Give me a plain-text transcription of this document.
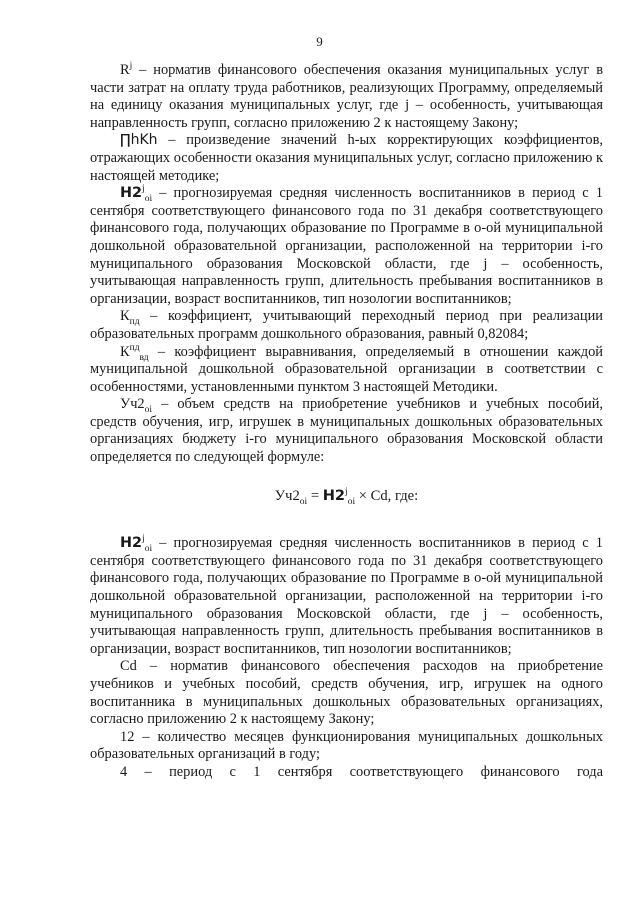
9

$R^j$ – норматив финансового обеспечения оказания муниципальных услуг в части затрат на оплату труда работников, реализующих Программу, определяемый на единицу оказания муниципальных услуг, где j – особенность, учитывающая направленность групп, согласно приложению 2 к настоящему Закону;

∏hKh – произведение значений h-ых корректирующих коэффициентов, отражающих особенности оказания муниципальных услуг, согласно приложению к настоящей методике;

$Н2^j_{oi}$ – прогнозируемая средняя численность воспитанников в период с 1 сентября соответствующего финансового года по 31 декабря соответствующего финансового года, получающих образование по Программе в о-ой муниципальной дошкольной образовательной организации, расположенной на территории i-го муниципального образования Московской области, где j – особенность, учитывающая направленность групп, длительность пребывания воспитанников в организации, возраст воспитанников, тип нозологии воспитанников;

$К_{пд}$ – коэффициент, учитывающий переходный период при реализации образовательных программ дошкольного образования, равный 0,82084;

$К^{пд}_{вд}$ – коэффициент выравнивания, определяемый в отношении каждой муниципальной дошкольной образовательной организации в соответствии с особенностями, установленными пунктом 3 настоящей Методики.

$Уч2_{oi}$ – объем средств на приобретение учебников и учебных пособий, средств обучения, игр, игрушек в муниципальных дошкольных образовательных организациях бюджету i-го муниципального образования Московской области определяется по следующей формуле:

$Уч2_{oi} = Н2^j_{oi} \times Cd$, где:

$Н2^j_{oi}$ – прогнозируемая средняя численность воспитанников в период с 1 сентября соответствующего финансового года по 31 декабря соответствующего финансового года, получающих образование по Программе в о-ой муниципальной дошкольной образовательной организации, расположенной на территории i-го муниципального образования Московской области, где j – особенность, учитывающая направленность групп, длительность пребывания воспитанников в организации, возраст воспитанников, тип нозологии воспитанников;

Cd – норматив финансового обеспечения расходов на приобретение учебников и учебных пособий, средств обучения, игр, игрушек на одного воспитанника в муниципальных дошкольных образовательных организациях, согласно приложению 2 к настоящему Закону;

12 – количество месяцев функционирования муниципальных дошкольных образовательных организаций в году;

4 – период с 1 сентября соответствующего финансового года
